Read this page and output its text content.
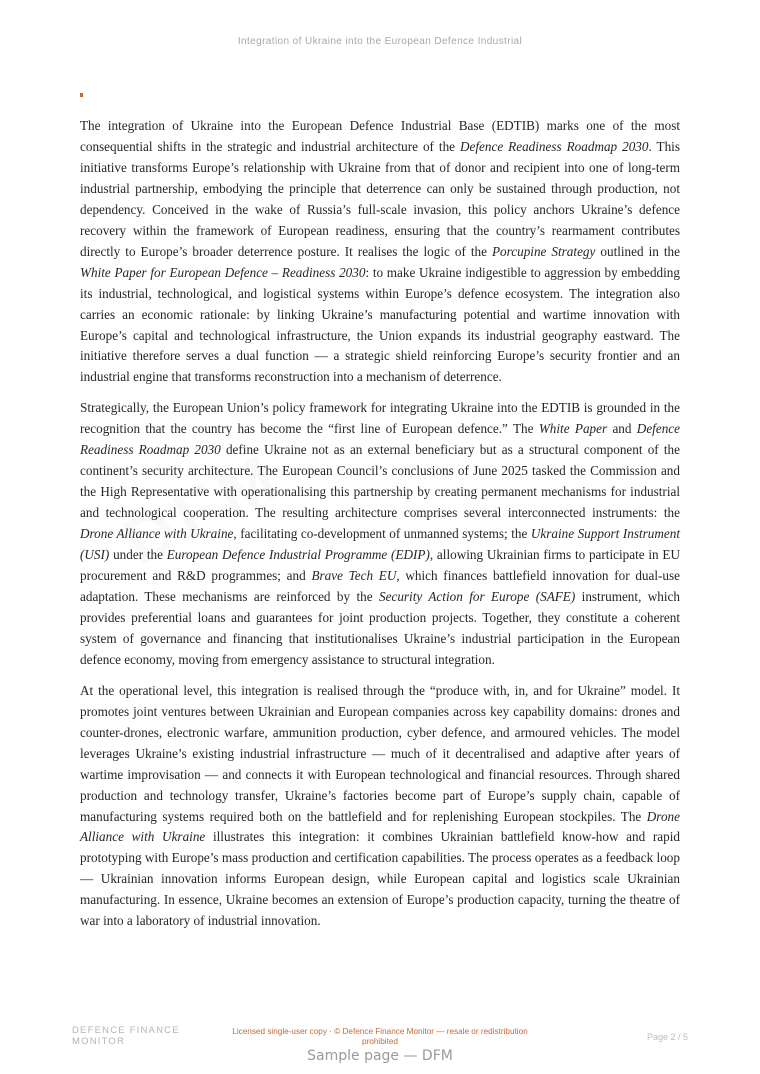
Integration of Ukraine into the European Defence Industrial

The integration of Ukraine into the European Defence Industrial Base (EDTIB) marks one of the most consequential shifts in the strategic and industrial architecture of the Defence Readiness Roadmap 2030. This initiative transforms Europe’s relationship with Ukraine from that of donor and recipient into one of long-term industrial partnership, embodying the principle that deterrence can only be sustained through production, not dependency. Conceived in the wake of Russia’s full-scale invasion, this policy anchors Ukraine’s defence recovery within the framework of European readiness, ensuring that the country’s rearmament contributes directly to Europe’s broader deterrence posture. It realises the logic of the Porcupine Strategy outlined in the White Paper for European Defence – Readiness 2030: to make Ukraine indigestible to aggression by embedding its industrial, technological, and logistical systems within Europe’s defence ecosystem. The integration also carries an economic rationale: by linking Ukraine’s manufacturing potential and wartime innovation with Europe’s capital and technological infrastructure, the Union expands its industrial geography eastward. The initiative therefore serves a dual function — a strategic shield reinforcing Europe’s security frontier and an industrial engine that transforms reconstruction into a mechanism of deterrence.

Strategically, the European Union’s policy framework for integrating Ukraine into the EDTIB is grounded in the recognition that the country has become the “first line of European defence.” The White Paper and Defence Readiness Roadmap 2030 define Ukraine not as an external beneficiary but as a structural component of the continent’s security architecture. The European Council’s conclusions of June 2025 tasked the Commission and the High Representative with operationalising this partnership by creating permanent mechanisms for industrial and technological cooperation. The resulting architecture comprises several interconnected instruments: the Drone Alliance with Ukraine, facilitating co-development of unmanned systems; the Ukraine Support Instrument (USI) under the European Defence Industrial Programme (EDIP), allowing Ukrainian firms to participate in EU procurement and R&D programmes; and Brave Tech EU, which finances battlefield innovation for dual-use adaptation. These mechanisms are reinforced by the Security Action for Europe (SAFE) instrument, which provides preferential loans and guarantees for joint production projects. Together, they constitute a coherent system of governance and financing that institutionalises Ukraine’s industrial participation in the European defence economy, moving from emergency assistance to structural integration.

At the operational level, this integration is realised through the “produce with, in, and for Ukraine” model. It promotes joint ventures between Ukrainian and European companies across key capability domains: drones and counter-drones, electronic warfare, ammunition production, cyber defence, and armoured vehicles. The model leverages Ukraine’s existing industrial infrastructure — much of it decentralised and adaptive after years of wartime improvisation — and connects it with European technological and financial resources. Through shared production and technology transfer, Ukraine’s factories become part of Europe’s supply chain, capable of manufacturing systems required both on the battlefield and for replenishing European stockpiles. The Drone Alliance with Ukraine illustrates this integration: it combines Ukrainian battlefield know-how and rapid prototyping with Europe’s mass production and certification capabilities. The process operates as a feedback loop — Ukrainian innovation informs European design, while European capital and logistics scale Ukrainian manufacturing. In essence, Ukraine becomes an extension of Europe’s production capacity, turning the theatre of war into a laboratory of industrial innovation.

DEFENCE FINANCE
MONITOR
Licensed single-user copy · © Defence Finance Monitor — resale or redistribution prohibited	Page 2 / 5
Sample page — DFM
